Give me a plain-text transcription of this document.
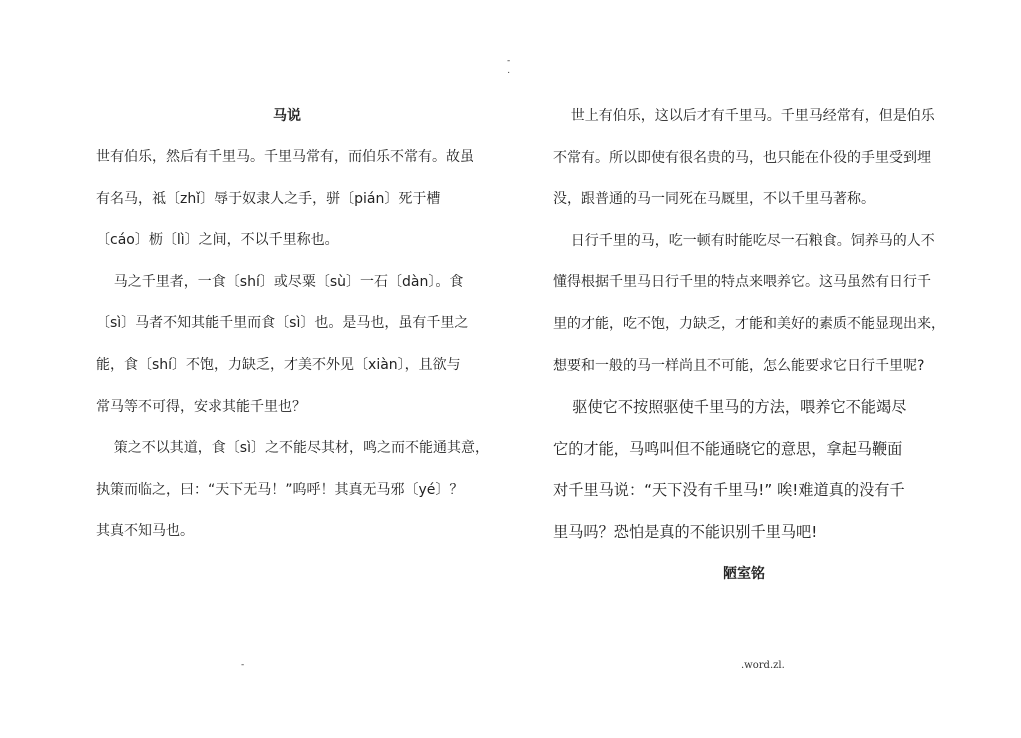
-
.
马说
世有伯乐，然后有千里马。千里马常有，而伯乐不常有。故虽
有名马，祗〔zhǐ〕辱于奴隶人之手，骈〔pián〕死于槽
〔cáo〕枥〔lì〕之间，不以千里称也。
马之千里者，一食〔shí〕或尽粟〔sù〕一石〔dàn〕。食
〔sì〕马者不知其能千里而食〔sì〕也。是马也，虽有千里之
能，食〔shí〕不饱，力缺乏，才美不外见〔xiàn〕，且欲与
常马等不可得，安求其能千里也？
策之不以其道，食〔sì〕之不能尽其材，鸣之而不能通其意，
执策而临之，曰：“天下无马！”呜呼！其真无马邪〔yé〕？
其真不知马也。
世上有伯乐，这以后才有千里马。千里马经常有，但是伯乐
不常有。所以即使有很名贵的马，也只能在仆役的手里受到埋
没，跟普通的马一同死在马厩里，不以千里马著称。
日行千里的马，吃一顿有时能吃尽一石粮食。饲养马的人不
懂得根据千里马日行千里的特点来喂养它。这马虽然有日行千
里的才能，吃不饱，力缺乏，才能和美好的素质不能显现出来，
想要和一般的马一样尚且不可能，怎么能要求它日行千里呢?
驱使它不按照驱使千里马的方法，喂养它不能竭尽
它的才能，马鸣叫但不能通晓它的意思，拿起马鞭面
对千里马说：“天下没有千里马!” 唉!难道真的没有千
里马吗？恐怕是真的不能识别千里马吧!
陋室铭
-	.word.zl.
